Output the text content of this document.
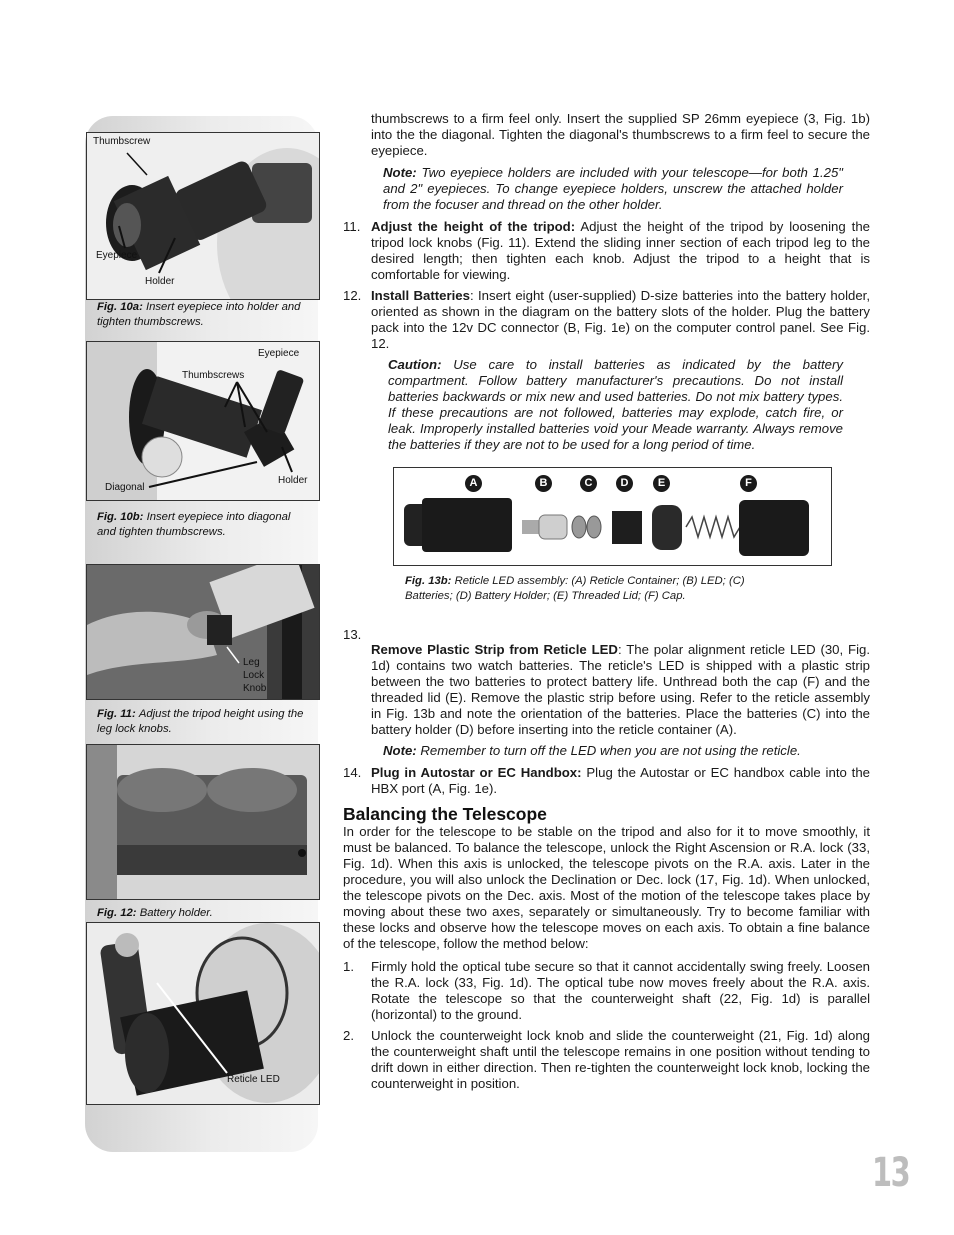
Thumbscrew
Eyepiece
Holder
Fig. 10a: Insert eyepiece into holder and tighten thumbscrews.
Eyepiece
Thumbscrews
Diagonal
Holder
Fig. 10b: Insert eyepiece into diagonal and tighten thumbscrews.
Leg
Lock
Knob
Fig. 11: Adjust the tripod height using the leg lock knobs.
Fig. 12: Battery holder.
Reticle LED
thumbscrews to a firm feel only. Insert the supplied SP 26mm eyepiece (3, Fig. 1b) into the the diagonal. Tighten the diagonal's thumbscrews to a firm feel to secure the eyepiece.
Note: Two eyepiece holders are included with your telescope—for both 1.25" and 2" eyepieces. To change eyepiece holders, unscrew the attached holder from the focuser and thread on the other holder.
11. Adjust the height of the tripod: Adjust the height of the tripod by loosening the tripod lock knobs (Fig. 11). Extend the sliding inner section of each tripod leg to the desired length; then tighten each knob. Adjust the tripod to a height that is comfortable for viewing.
12. Install Batteries: Insert eight (user-supplied) D-size batteries into the battery holder, oriented as shown in the diagram on the battery slots of the holder. Plug the battery pack into the 12v DC connector (B, Fig. 1e) on the computer control panel. See Fig. 12.
Caution: Use care to install batteries as indicated by the battery compartment. Follow battery manufacturer's precautions. Do not install batteries backwards or mix new and used batteries. Do not mix battery types. If these precautions are not followed, batteries may explode, catch fire, or leak. Improperly installed batteries void your Meade warranty. Always remove the batteries if they are not to be used for a long period of time.
A	B	C	D	E	F
Fig. 13b: Reticle LED assembly: (A) Reticle Container; (B) LED; (C) Batteries; (D) Battery Holder; (E) Threaded Lid; (F) Cap.
13.
Remove Plastic Strip from Reticle LED: The polar alignment reticle LED (30, Fig. 1d) contains two watch batteries. The reticle's LED is shipped with a plastic strip between the two batteries to protect battery life. Unthread both the cap (F) and the threaded lid (E). Remove the plastic strip before using. Refer to the reticle assembly in Fig. 13b and note the orientation of the batteries. Place the batteries (C) into the battery holder (D) before inserting into the reticle container (A).
Note: Remember to turn off the LED when you are not using the reticle.
14. Plug in Autostar or EC Handbox: Plug the Autostar or EC handbox cable into the HBX port (A, Fig. 1e).
Balancing the Telescope
In order for the telescope to be stable on the tripod and also for it to move smoothly, it must be balanced. To balance the telescope, unlock the Right Ascension or R.A. lock (33, Fig. 1d). When this axis is unlocked, the telescope pivots on the R.A. axis. Later in the procedure, you will also unlock the Declination or Dec. lock (17, Fig. 1d). When unlocked, the telescope pivots on the Dec. axis. Most of the motion of the telescope takes place by moving about these two axes, separately or simultaneously. Try to become familiar with these locks and observe how the telescope moves on each axis. To obtain a fine balance of the telescope, follow the method below:
1. Firmly hold the optical tube secure so that it cannot accidentally swing freely. Loosen the R.A. lock (33, Fig. 1d). The optical tube now moves freely about the R.A. axis. Rotate the telescope so that the counterweight shaft (22, Fig. 1d) is parallel (horizontal) to the ground.
2. Unlock the counterweight lock knob and slide the counterweight (21, Fig. 1d) along the counterweight shaft until the telescope remains in one position without tending to drift down in either direction. Then re-tighten the counterweight lock knob, locking the counterweight in position.
13
